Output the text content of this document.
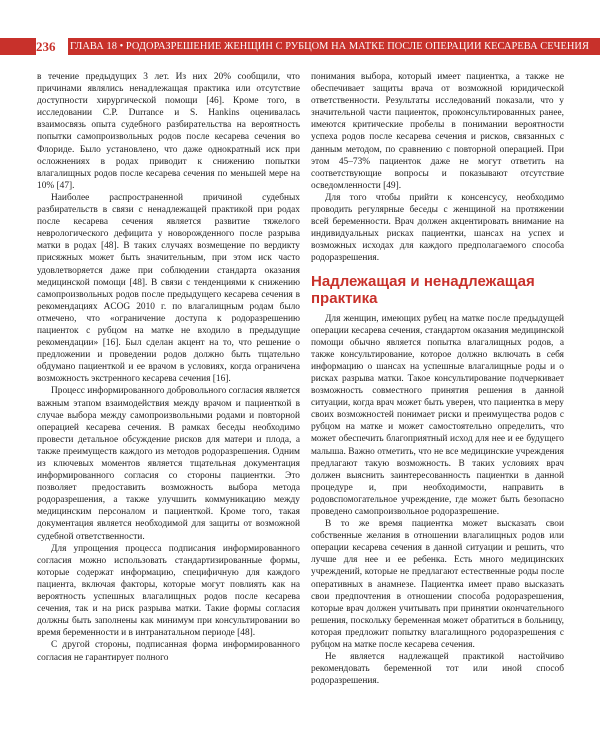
236	ГЛАВА 18 • РОДОРАЗРЕШЕНИЕ ЖЕНЩИН С РУБЦОМ НА МАТКЕ ПОСЛЕ ОПЕРАЦИИ КЕСАРЕВА СЕЧЕНИЯ

в течение предыдущих 3 лет. Из них 20% сообщили, что причинами являлись ненадлежащая практика или отсутствие доступности хирургической помощи [46]. Кроме того, в исследовании C.P. Durrance и S. Hankins оценивалась взаимосвязь опыта судебного разбирательства на вероятность попытки самопроизвольных родов после кесарева сечения во Флориде. Было установлено, что даже однократный иск при осложнениях в родах приводит к снижению попытки влагалищных родов после кесарева сечения по меньшей мере на 10% [47].

Наиболее распространенной причиной судебных разбирательств в связи с ненадлежащей практикой при родах после кесарева сечения является развитие тяжелого неврологического дефицита у новорожденного после разрыва матки в родах [48]. В таких случаях возмещение по вердикту присяжных может быть значительным, при этом иск часто удовлетворяется даже при соблюдении стандарта оказания медицинской помощи [48]. В связи с тенденциями к снижению самопроизвольных родов после предыдущего кесарева сечения в рекомендациях ACOG 2010 г. по влагалищным родам было отмечено, что «ограничение доступа к родоразрешению пациенток с рубцом на матке не входило в предыдущие рекомендации» [16]. Был сделан акцент на то, что решение о предложении и проведении родов должно быть тщательно обдумано пациенткой и ее врачом в условиях, когда ограничена возможность экстренного кесарева сечения [16].

Процесс информированного добровольного согласия является важным этапом взаимодействия между врачом и пациенткой в случае выбора между самопроизвольными родами и повторной операцией кесарева сечения. В рамках беседы необходимо провести детальное обсуждение рисков для матери и плода, а также преимуществ каждого из методов родоразрешения. Одним из ключевых моментов является тщательная документация информированного согласия со стороны пациентки. Это позволяет предоставить возможность выбора метода родоразрешения, а также улучшить коммуникацию между медицинским персоналом и пациенткой. Кроме того, такая документация является необходимой для защиты от возможной судебной ответственности.

Для упрощения процесса подписания информированного согласия можно использовать стандартизированные формы, которые содержат информацию, специфичную для каждого пациента, включая факторы, которые могут повлиять как на вероятность успешных влагалищных родов после кесарева сечения, так и на риск разрыва матки. Такие формы согласия должны быть заполнены как минимум при консультировании во время беременности и в интранатальном периоде [48].

С другой стороны, подписанная форма информированного согласия не гарантирует полного

понимания выбора, который имеет пациентка, а также не обеспечивает защиты врача от возможной юридической ответственности. Результаты исследований показали, что у значительной части пациенток, проконсультированных ранее, имеются критические пробелы в понимании вероятности успеха родов после кесарева сечения и рисков, связанных с данным методом, по сравнению с повторной операцией. При этом 45–73% пациенток даже не могут ответить на соответствующие вопросы и показывают отсутствие осведомленности [49].

Для того чтобы прийти к консенсусу, необходимо проводить регулярные беседы с женщиной на протяжении всей беременности. Врач должен акцентировать внимание на индивидуальных рисках пациентки, шансах на успех и возможных исходах для каждого предполагаемого способа родоразрешения.

Надлежащая и ненадлежащая практика

Для женщин, имеющих рубец на матке после предыдущей операции кесарева сечения, стандартом оказания медицинской помощи обычно является попытка влагалищных родов, а также консультирование, которое должно включать в себя информацию о шансах на успешные влагалищные роды и о рисках разрыва матки. Такое консультирование подчеркивает возможность совместного принятия решения в данной ситуации, когда врач может быть уверен, что пациентка в меру своих возможностей понимает риски и преимущества родов с рубцом на матке и может самостоятельно определить, что может обеспечить благоприятный исход для нее и ее будущего малыша. Важно отметить, что не все медицинские учреждения предлагают такую возможность. В таких условиях врач должен выяснить заинтересованность пациентки в данной процедуре и, при необходимости, направить в родовспомогательное учреждение, где может быть безопасно проведено самопроизвольное родоразрешение.

В то же время пациентка может высказать свои собственные желания в отношении влагалищных родов или операции кесарева сечения в данной ситуации и решить, что лучше для нее и ее ребенка. Есть много медицинских учреждений, которые не предлагают естественные роды после оперативных в анамнезе. Пациентка имеет право высказать свои предпочтения в отношении способа родоразрешения, которые врач должен учитывать при принятии окончательного решения, поскольку беременная может обратиться в больницу, которая предложит попытку влагалищного родоразрешения с рубцом на матке после кесарева сечения.

Не является надлежащей практикой настойчиво рекомендовать беременной тот или иной способ родоразрешения.
